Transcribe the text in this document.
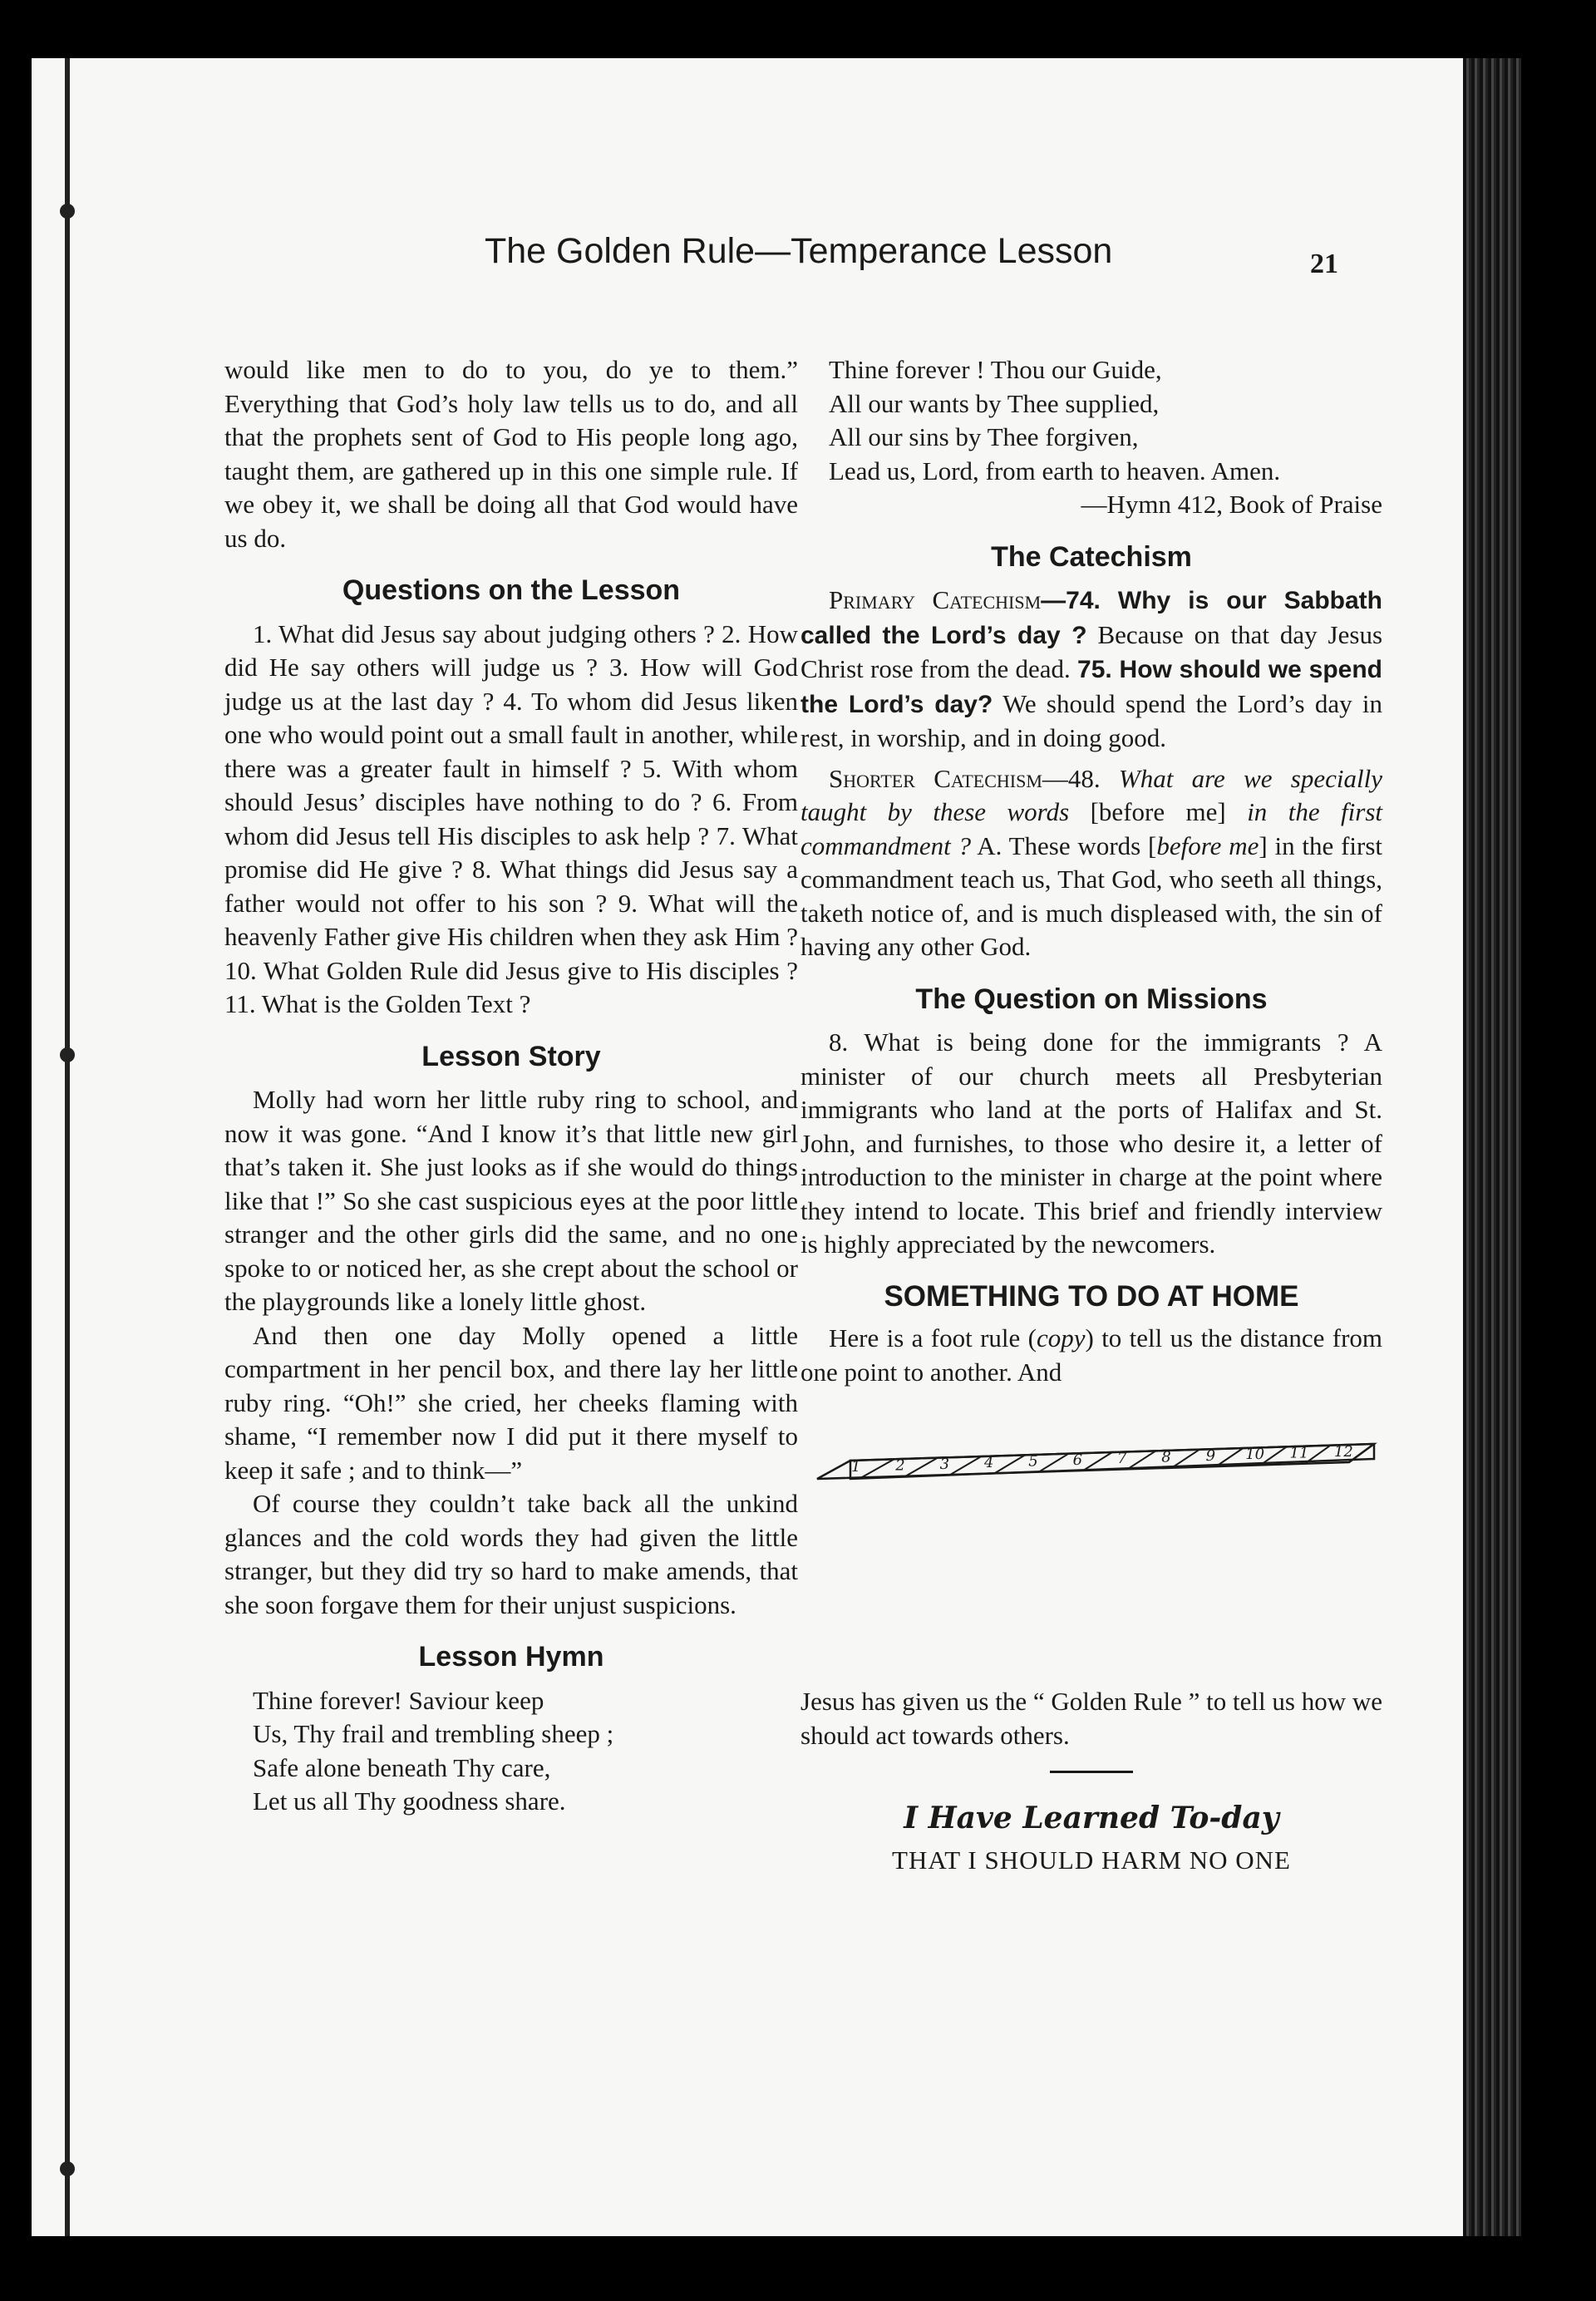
The Golden Rule—Temperance Lesson	21

would like men to do to you, do ye to them.” Everything that God’s holy law tells us to do, and all that the prophets sent of God to His people long ago, taught them, are gathered up in this one simple rule. If we obey it, we shall be doing all that God would have us do.

Questions on the Lesson

1. What did Jesus say about judging others ? 2. How did He say others will judge us ? 3. How will God judge us at the last day ? 4. To whom did Jesus liken one who would point out a small fault in another, while there was a greater fault in himself ? 5. With whom should Jesus’ disciples have nothing to do ? 6. From whom did Jesus tell His disciples to ask help ? 7. What promise did He give ? 8. What things did Jesus say a father would not offer to his son ? 9. What will the heavenly Father give His children when they ask Him ? 10. What Golden Rule did Jesus give to His disciples ? 11. What is the Golden Text ?

Lesson Story

Molly had worn her little ruby ring to school, and now it was gone. “And I know it’s that little new girl that’s taken it. She just looks as if she would do things like that !” So she cast suspicious eyes at the poor little stranger and the other girls did the same, and no one spoke to or noticed her, as she crept about the school or the playgrounds like a lonely little ghost.

And then one day Molly opened a little compartment in her pencil box, and there lay her little ruby ring. “Oh!” she cried, her cheeks flaming with shame, “I remember now I did put it there myself to keep it safe ; and to think—”

Of course they couldn’t take back all the unkind glances and the cold words they had given the little stranger, but they did try so hard to make amends, that she soon forgave them for their unjust suspicions.

Lesson Hymn
Thine forever! Saviour keep
Us, Thy frail and trembling sheep ;
Safe alone beneath Thy care,
Let us all Thy goodness share.
Thine forever ! Thou our Guide,
All our wants by Thee supplied,
All our sins by Thee forgiven,
Lead us, Lord, from earth to heaven. Amen.

—Hymn 412, Book of Praise

The Catechism

Primary Catechism—74. Why is our Sabbath called the Lord’s day ? Because on that day Jesus Christ rose from the dead. 75. How should we spend the Lord’s day? We should spend the Lord’s day in rest, in worship, and in doing good.

Shorter Catechism—48. What are we specially taught by these words [before me] in the first commandment ? A. These words [before me] in the first commandment teach us, That God, who seeth all things, taketh notice of, and is much displeased with, the sin of having any other God.

The Question on Missions

8. What is being done for the immigrants ? A minister of our church meets all Presbyterian immigrants who land at the ports of Halifax and St. John, and furnishes, to those who desire it, a letter of introduction to the minister in charge at the point where they intend to locate. This brief and friendly interview is highly appreciated by the newcomers.

SOMETHING TO DO AT HOME

Here is a foot rule (copy) to tell us the distance from one point to another. And

1 2 3 4 5 6 7 8 9 10 11 12

Jesus has given us the “ Golden Rule ” to tell us how we should act towards others.

I Have Learned To-day
THAT I SHOULD HARM NO ONE
